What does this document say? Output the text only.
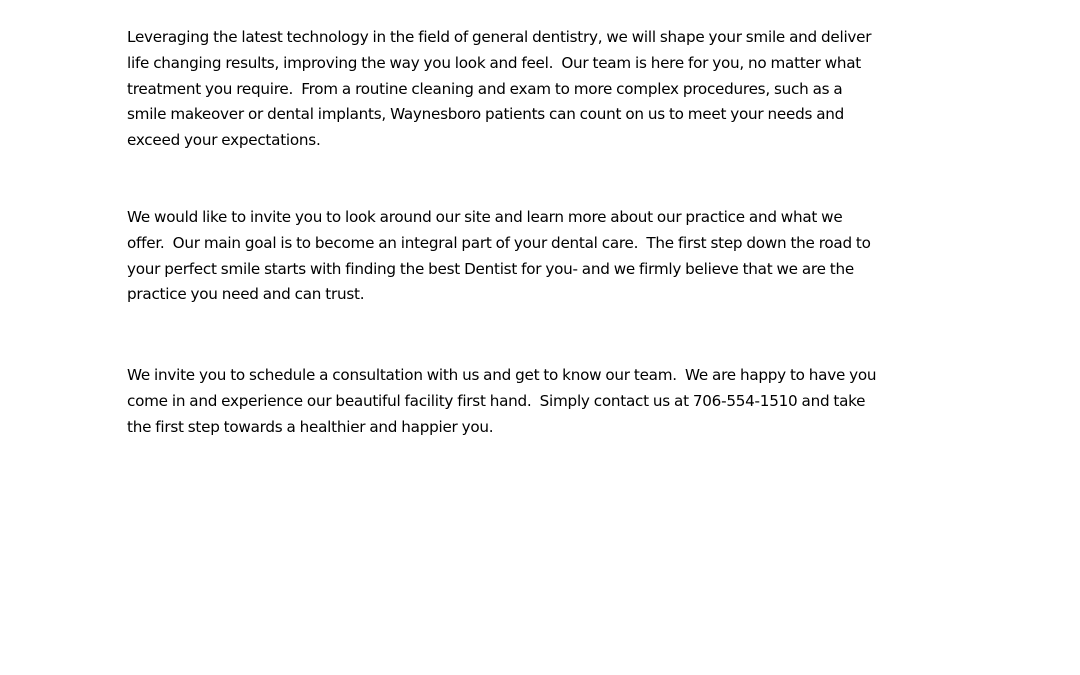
Leveraging the latest technology in the field of general dentistry, we will shape your smile and deliver
life changing results, improving the way you look and feel.  Our team is here for you, no matter what
treatment you require.  From a routine cleaning and exam to more complex procedures, such as a
smile makeover or dental implants, Waynesboro patients can count on us to meet your needs and
exceed your expectations.

We would like to invite you to look around our site and learn more about our practice and what we
offer.  Our main goal is to become an integral part of your dental care.  The first step down the road to
your perfect smile starts with finding the best Dentist for you- and we firmly believe that we are the
practice you need and can trust.

We invite you to schedule a consultation with us and get to know our team.  We are happy to have you
come in and experience our beautiful facility first hand.  Simply contact us at 706-554-1510 and take
the first step towards a healthier and happier you.
